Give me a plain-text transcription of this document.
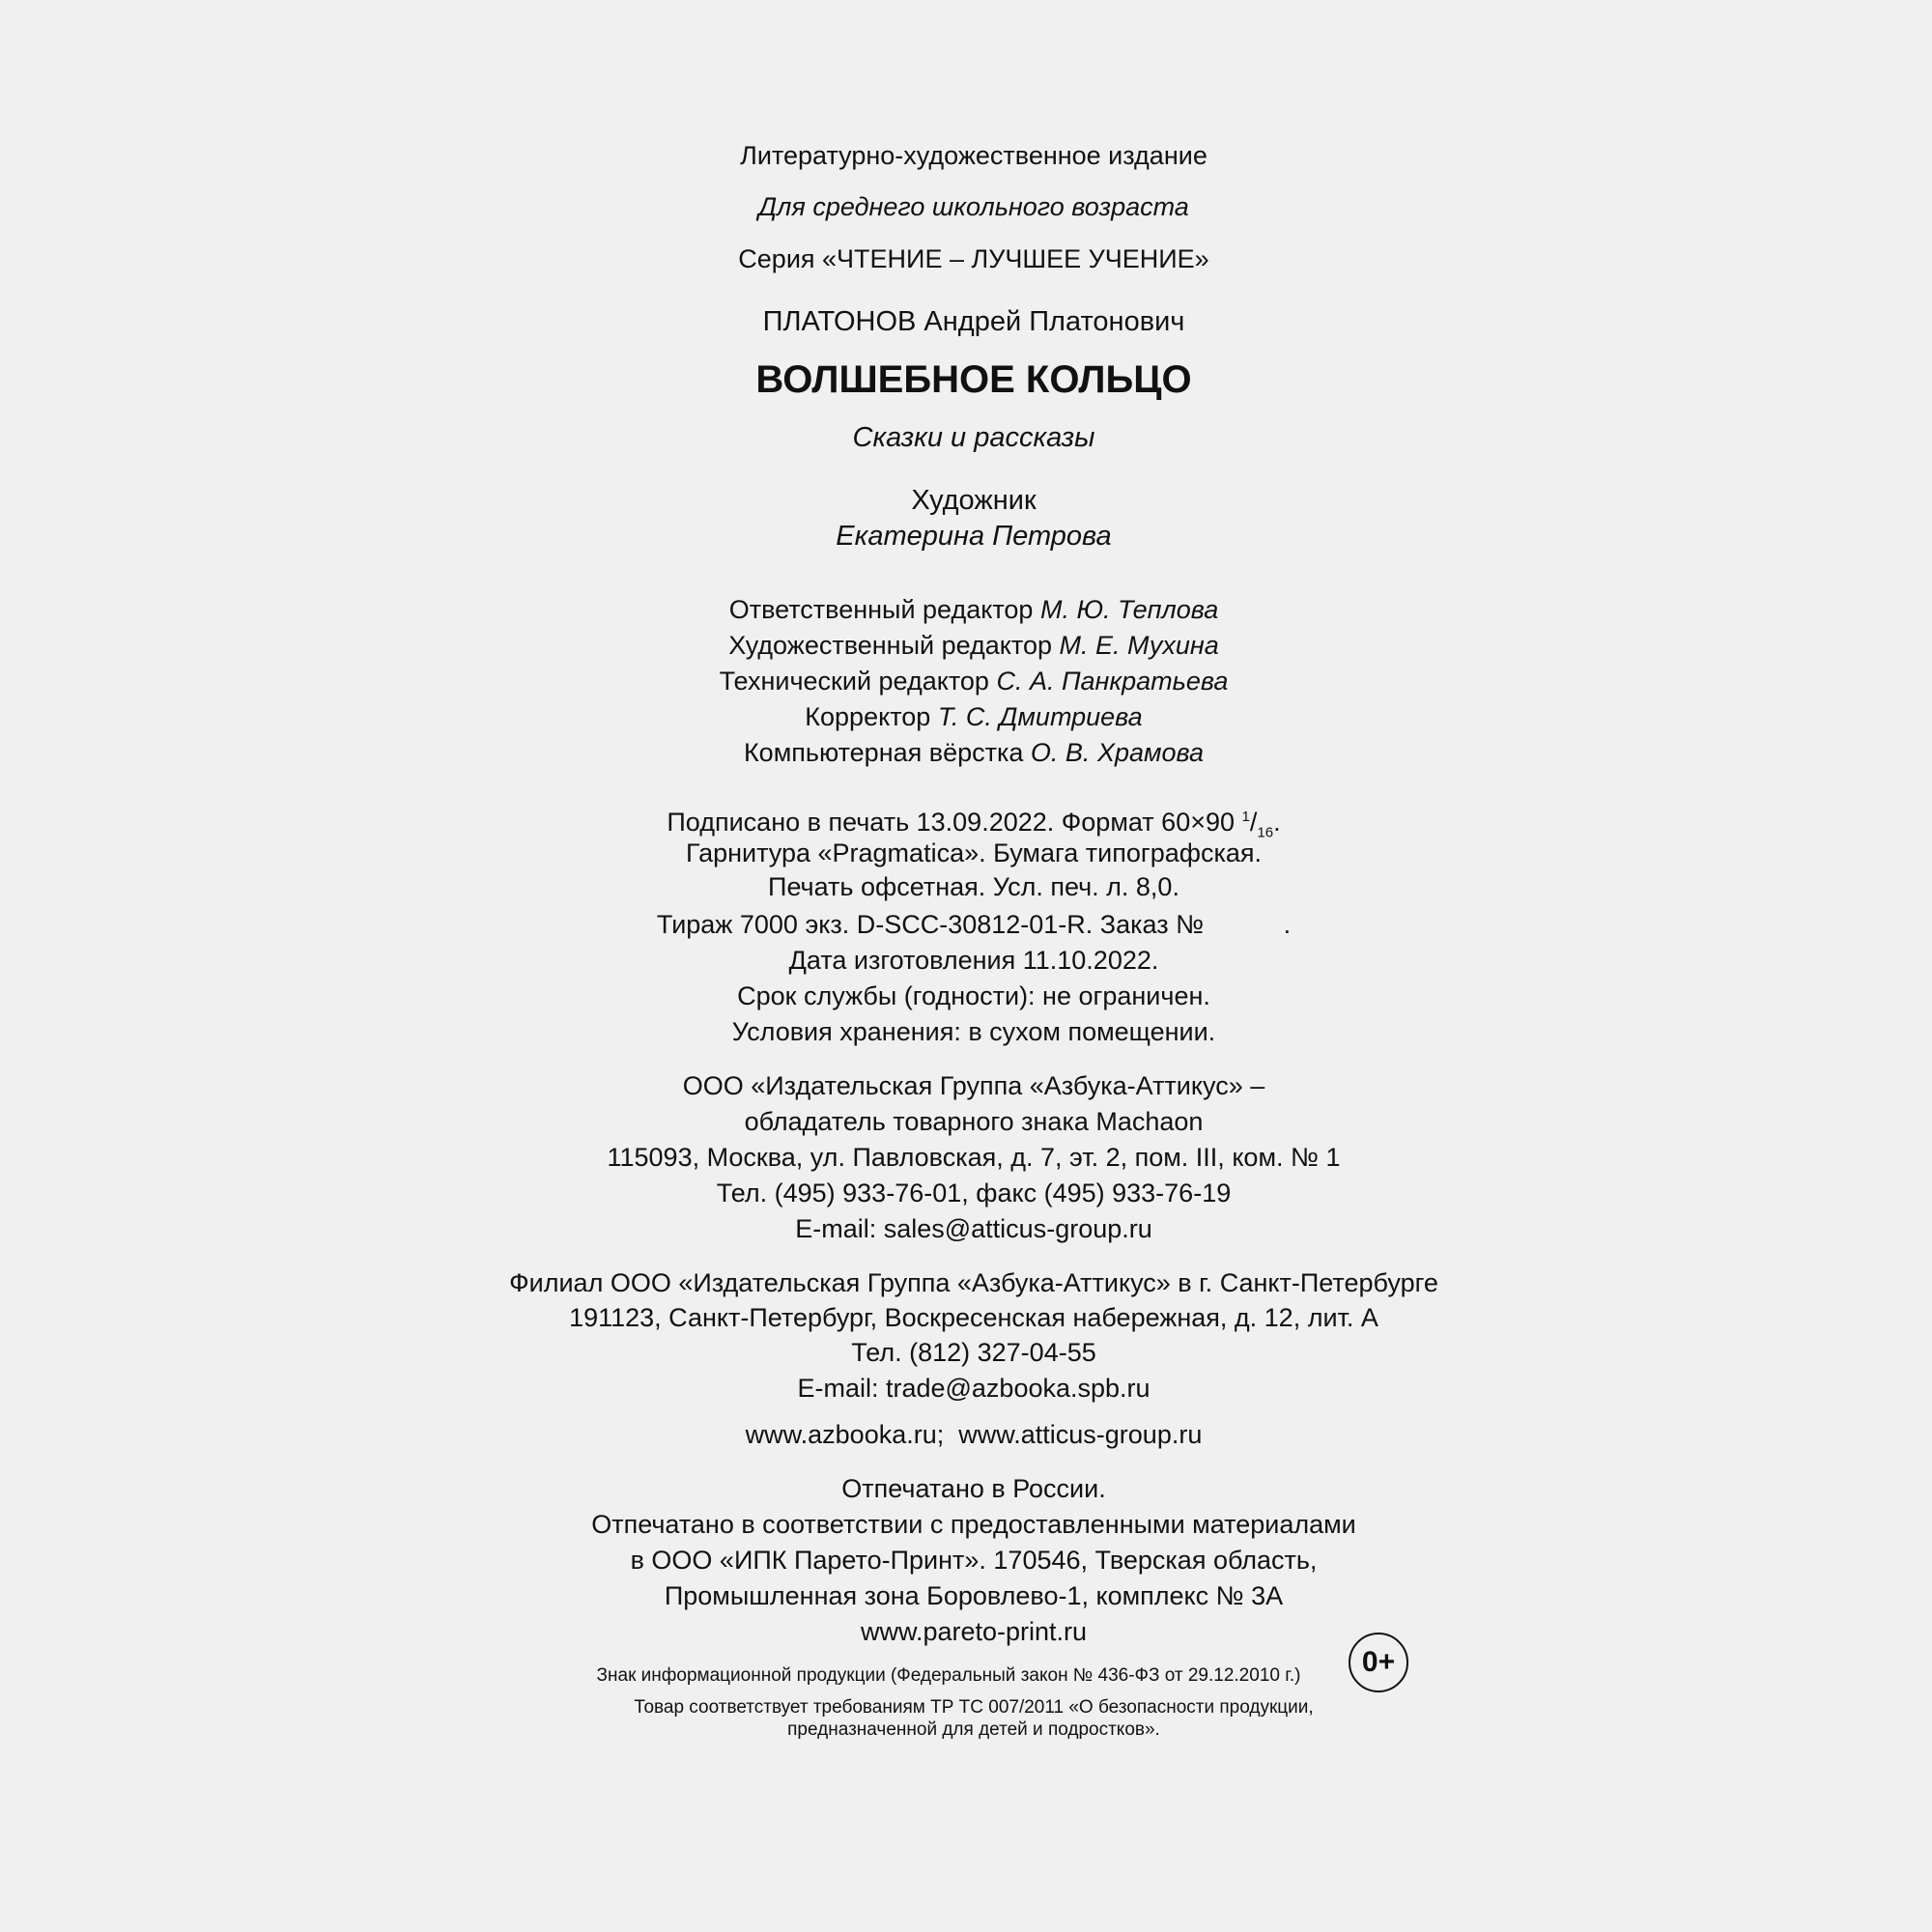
Литературно-художественное издание
Для среднего школьного возраста
Серия «ЧТЕНИЕ – ЛУЧШЕЕ УЧЕНИЕ»
ПЛАТОНОВ Андрей Платонович
ВОЛШЕБНОЕ КОЛЬЦО
Сказки и рассказы
Художник
Екатерина Петрова
Ответственный редактор М. Ю. Теплова
Художественный редактор М. Е. Мухина
Технический редактор С. А. Панкратьева
Корректор Т. С. Дмитриева
Компьютерная вёрстка О. В. Храмова
Подписано в печать 13.09.2022. Формат 60×90 $^1/_{16}$.
Гарнитура «Pragmatica». Бумага типографская.
Печать офсетная. Усл. печ. л. 8,0.
Тираж 7000 экз. D-SCC-30812-01-R. Заказ №           .
Дата изготовления 11.10.2022.
Срок службы (годности): не ограничен.
Условия хранения: в сухом помещении.
ООО «Издательская Группа «Азбука-Аттикус» –
обладатель товарного знака Machaon
115093, Москва, ул. Павловская, д. 7, эт. 2, пом. III, ком. № 1
Тел. (495) 933-76-01, факс (495) 933-76-19
E-mail: sales@atticus-group.ru
Филиал ООО «Издательская Группа «Азбука-Аттикус» в г. Санкт-Петербурге
191123, Санкт-Петербург, Воскресенская набережная, д. 12, лит. А
Тел. (812) 327-04-55
E-mail: trade@azbooka.spb.ru
www.azbooka.ru;  www.atticus-group.ru
Отпечатано в России.
Отпечатано в соответствии с предоставленными материалами
в ООО «ИПК Парето-Принт». 170546, Тверская область,
Промышленная зона Боровлево-1, комплекс № 3А
www.pareto-print.ru
Знак информационной продукции (Федеральный закон № 436-ФЗ от 29.12.2010 г.)	0+
Товар соответствует требованиям ТР ТС 007/2011 «О безопасности продукции,
предназначенной для детей и подростков».
